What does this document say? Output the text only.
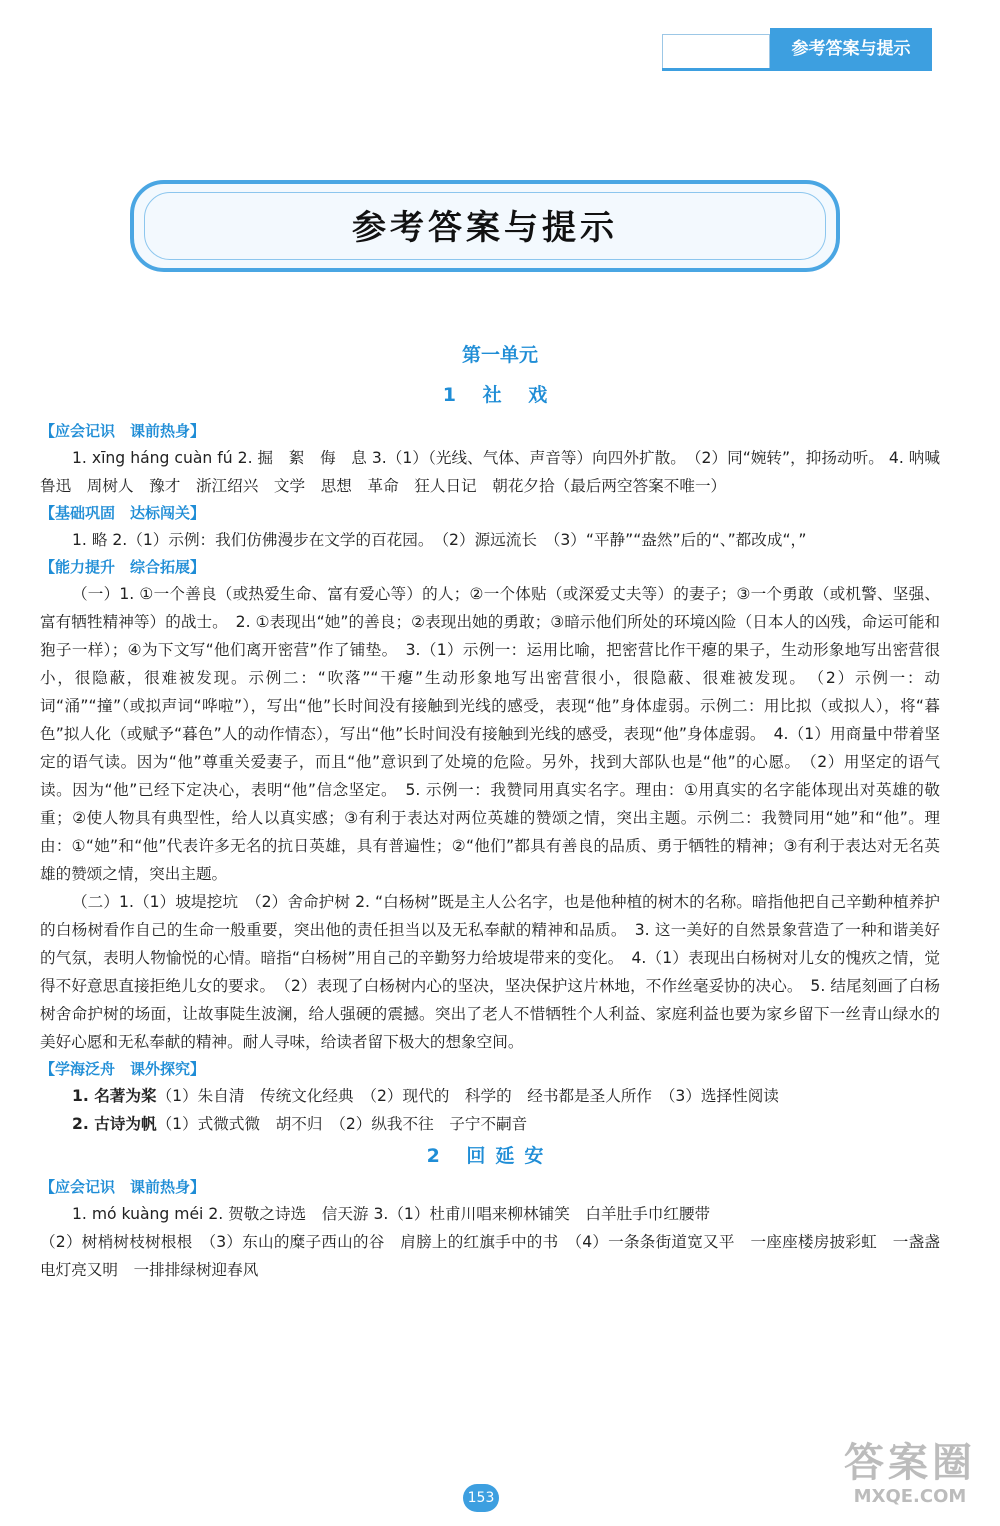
参考答案与提示
参考答案与提示
第一单元
1 社 戏
【应会记识　课前热身】

1. xīng háng cuàn fú 2. 掘　絮　侮　息 3.（1）（光线、气体、声音等）向四外扩散。　（2）同“婉转”，抑扬动听。 4. 呐喊　鲁迅　周树人　豫才　浙江绍兴　文学　思想　革命　狂人日记　朝花夕拾（最后两空答案不唯一）

【基础巩固　达标闯关】

1. 略 2.（1）示例：我们仿佛漫步在文学的百花园。　（2）源远流长　（3）“平静”“盎然”后的“、”都改成“，”

【能力提升　综合拓展】

（一）1. ①一个善良（或热爱生命、富有爱心等）的人；②一个体贴（或深爱丈夫等）的妻子；③一个勇敢（或机警、坚强、富有牺牲精神等）的战士。　2. ①表现出“她”的善良；②表现出她的勇敢；③暗示他们所处的环境凶险（日本人的凶残，命运可能和狍子一样）；④为下文写“他们离开密营”作了铺垫。　3.（1）示例一：运用比喻，把密营比作干瘪的果子，生动形象地写出密营很小，很隐蔽，很难被发现。示例二：“吹落”“干瘪”生动形象地写出密营很小，很隐蔽、很难被发现。　（2）示例一：动词“涌”“撞”（或拟声词“哗啦”），写出“他”长时间没有接触到光线的感受，表现“他”身体虚弱。示例二：用比拟（或拟人），将“暮色”拟人化（或赋予“暮色”人的动作情态），写出“他”长时间没有接触到光线的感受，表现“他”身体虚弱。　4.（1）用商量中带着坚定的语气读。因为“他”尊重关爱妻子，而且“他”意识到了处境的危险。另外，找到大部队也是“他”的心愿。　（2）用坚定的语气读。因为“他”已经下定决心，表明“他”信念坚定。　5. 示例一：我赞同用真实名字。理由：①用真实的名字能体现出对英雄的敬重；②使人物具有典型性，给人以真实感；③有利于表达对两位英雄的赞颂之情，突出主题。示例二：我赞同用“她”和“他”。理由：①“她”和“他”代表许多无名的抗日英雄，具有普遍性；②“他们”都具有善良的品质、勇于牺牲的精神；③有利于表达对无名英雄的赞颂之情，突出主题。

（二）1.（1）坡堤挖坑　（2）舍命护树 2. “白杨树”既是主人公名字，也是他种植的树木的名称。暗指他把自己辛勤种植养护的白杨树看作自己的生命一般重要，突出他的责任担当以及无私奉献的精神和品质。　3. 这一美好的自然景象营造了一种和谐美好的气氛，表明人物愉悦的心情。暗指“白杨树”用自己的辛勤努力给坡堤带来的变化。　4.（1）表现出白杨树对儿女的愧疚之情，觉得不好意思直接拒绝儿女的要求。　（2）表现了白杨树内心的坚决，坚决保护这片林地，不作丝毫妥协的决心。　5. 结尾刻画了白杨树舍命护树的场面，让故事陡生波澜，给人强硬的震撼。突出了老人不惜牺牲个人利益、家庭利益也要为家乡留下一丝青山绿水的美好心愿和无私奉献的精神。耐人寻味，给读者留下极大的想象空间。

【学海泛舟　课外探究】

1. 名著为桨（1）朱自清　传统文化经典　（2）现代的　科学的　经书都是圣人所作　（3）选择性阅读

2. 古诗为帆（1）式微式微　胡不归　（2）纵我不往　子宁不嗣音

2 回延安
【应会记识　课前热身】

1. mó kuàng méi 2. 贺敬之诗选　信天游 3.（1）杜甫川唱来柳林铺笑　白羊肚手巾红腰带

（2）树梢树枝树根根　（3）东山的糜子西山的谷　肩膀上的红旗手中的书　（4）一条条街道宽又平　一座座楼房披彩虹　一盏盏电灯亮又明　一排排绿树迎春风

153
答案圈
MXQE.COM
